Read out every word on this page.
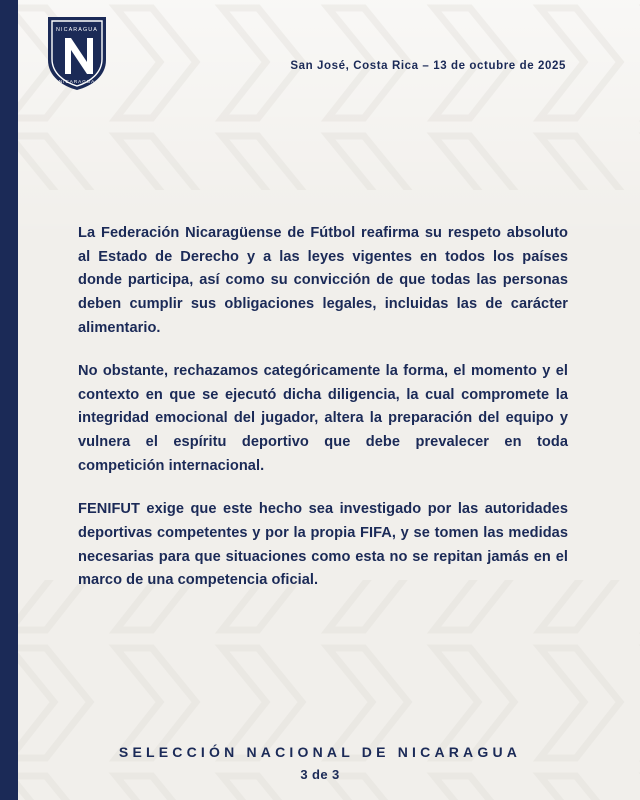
NICARAGUA
NICARAGUA
San José, Costa Rica – 13 de octubre de 2025

La Federación Nicaragüense de Fútbol reafirma su respeto absoluto al Estado de Derecho y a las leyes vigentes en todos los países donde participa, así como su convicción de que todas las personas deben cumplir sus obligaciones legales, incluidas las de carácter alimentario.

No obstante, rechazamos categóricamente la forma, el momento y el contexto en que se ejecutó dicha diligencia, la cual compromete la integridad emocional del jugador, altera la preparación del equipo y vulnera el espíritu deportivo que debe prevalecer en toda competición internacional.

FENIFUT exige que este hecho sea investigado por las autoridades deportivas competentes y por la propia FIFA, y se tomen las medidas necesarias para que situaciones como esta no se repitan jamás en el marco de una competencia oficial.

SELECCIÓN NACIONAL DE NICARAGUA
3 de 3
